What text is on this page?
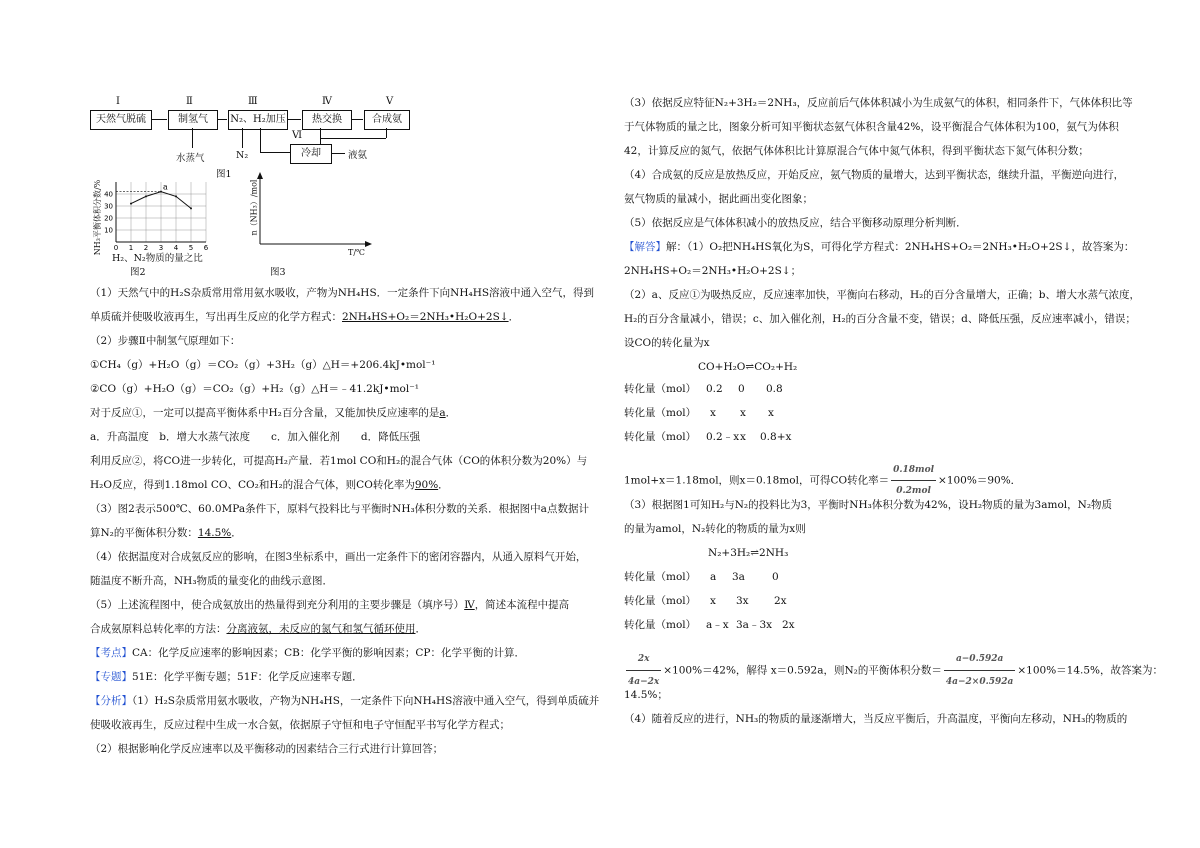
Ⅰ	Ⅱ	Ⅲ	Ⅳ	Ⅴ
天然气脱硫	制氢气	N₂、H₂加压	热交换	合成氨
Ⅵ
冷却	液氨
水蒸气	N₂
图1
0 1 2 3 4 5 6
10
20
30
40
a
H₂、N₂物质的量之比
NH₃平衡体积分数/%
图2
n（NH₃）/mol
T/℃
图3
（1）天然气中的H₂S杂质常用常用氨水吸收，产物为NH₄HS．一定条件下向NH₄HS溶液中通入空气，得到
单质硫并使吸收液再生，写出再生反应的化学方程式：2NH₄HS+O₂＝2NH₃•H₂O+2S↓．
（2）步骤Ⅱ中制氢气原理如下：
①CH₄（g）+H₂O（g）＝CO₂（g）+3H₂（g）△H＝+206.4kJ•mol⁻¹
②CO（g）+H₂O（g）＝CO₂（g）+H₂（g）△H＝﹣41.2kJ•mol⁻¹
对于反应①，一定可以提高平衡体系中H₂百分含量，又能加快反应速率的是a．
a．升高温度　b．增大水蒸气浓度　　c．加入催化剂　　d．降低压强
利用反应②，将CO进一步转化，可提高H₂产量．若1mol CO和H₂的混合气体（CO的体积分数为20%）与
H₂O反应，得到1.18mol CO、CO₂和H₂的混合气体，则CO转化率为90%．
（3）图2表示500℃、60.0MPa条件下，原料气投料比与平衡时NH₃体积分数的关系．根据图中a点数据计
算N₂的平衡体积分数：14.5%．
（4）依据温度对合成氨反应的影响，在图3坐标系中，画出一定条件下的密闭容器内，从通入原料气开始，
随温度不断升高，NH₃物质的量变化的曲线示意图．
（5）上述流程图中，使合成氨放出的热量得到充分利用的主要步骤是（填序号）Ⅳ，简述本流程中提高
合成氨原料总转化率的方法：分离液氨，未反应的氮气和氢气循环使用．
【考点】CA：化学反应速率的影响因素；CB：化学平衡的影响因素；CP：化学平衡的计算．
【专题】51E：化学平衡专题；51F：化学反应速率专题．
【分析】（1）H₂S杂质常用氨水吸收，产物为NH₄HS，一定条件下向NH₄HS溶液中通入空气，得到单质硫并
使吸收液再生，反应过程中生成一水合氨，依据原子守恒和电子守恒配平书写化学方程式；
（2）根据影响化学反应速率以及平衡移动的因素结合三行式进行计算回答；
（3）依据反应特征N₂+3H₂＝2NH₃，反应前后气体体积减小为生成氨气的体积，相同条件下，气体体积比等
于气体物质的量之比，图象分析可知平衡状态氨气体积含量42%，设平衡混合气体体积为100，氨气为体积
42，计算反应的氮气，依据气体体积比计算原混合气体中氮气体积，得到平衡状态下氮气体积分数；
（4）合成氨的反应是放热反应，开始反应，氨气物质的量增大，达到平衡状态，继续升温，平衡逆向进行，
氨气物质的量减小，据此画出变化图象；
（5）依据反应是气体体积减小的放热反应，结合平衡移动原理分析判断．
【解答】解：（1）O₂把NH₄HS氧化为S，可得化学方程式：2NH₄HS+O₂＝2NH₃•H₂O+2S↓，故答案为：
2NH₄HS+O₂＝2NH₃•H₂O+2S↓；
（2）a、反应①为吸热反应，反应速率加快，平衡向右移动，H₂的百分含量增大，正确；b、增大水蒸气浓度，
H₂的百分含量减小，错误；c、加入催化剂，H₂的百分含量不变，错误；d、降低压强，反应速率减小，错误；
设CO的转化量为x
CO+H₂O⇌CO₂+H₂
转化量（mol） 0.2 0 0.8
转化量（mol） x x x
转化量（mol） 0.2﹣x x 0.8+x
1mol+x＝1.18mol，则x＝0.18mol，可得CO转化率＝ $\frac{\text{0.18mol}}{\text{0.2mol}} \times 100\%=90\%$．
（3）根据图1可知H₂与N₂的投料比为3，平衡时NH₃体积分数为42%，设H₂物质的量为3amol，N₂物质
的量为amol，N₂转化的物质的量为x则
N₂+3H₂⇌2NH₃
转化量（mol） a 3a	0
转化量（mol） x 3x 2x
转化量（mol） a﹣x 3a﹣3x 2x
$\frac{2x}{4a-2x} \times 100\%=42\%$，解得 x＝0.592a，则N₂的平衡体积分数＝ $\frac{a-0.592a}{4a-2\times 0.592a} \times 100\%=14.5\%$，故答案为：
14.5%；
（4）随着反应的进行，NH₃的物质的量逐渐增大，当反应平衡后，升高温度，平衡向左移动，NH₃的物质的
